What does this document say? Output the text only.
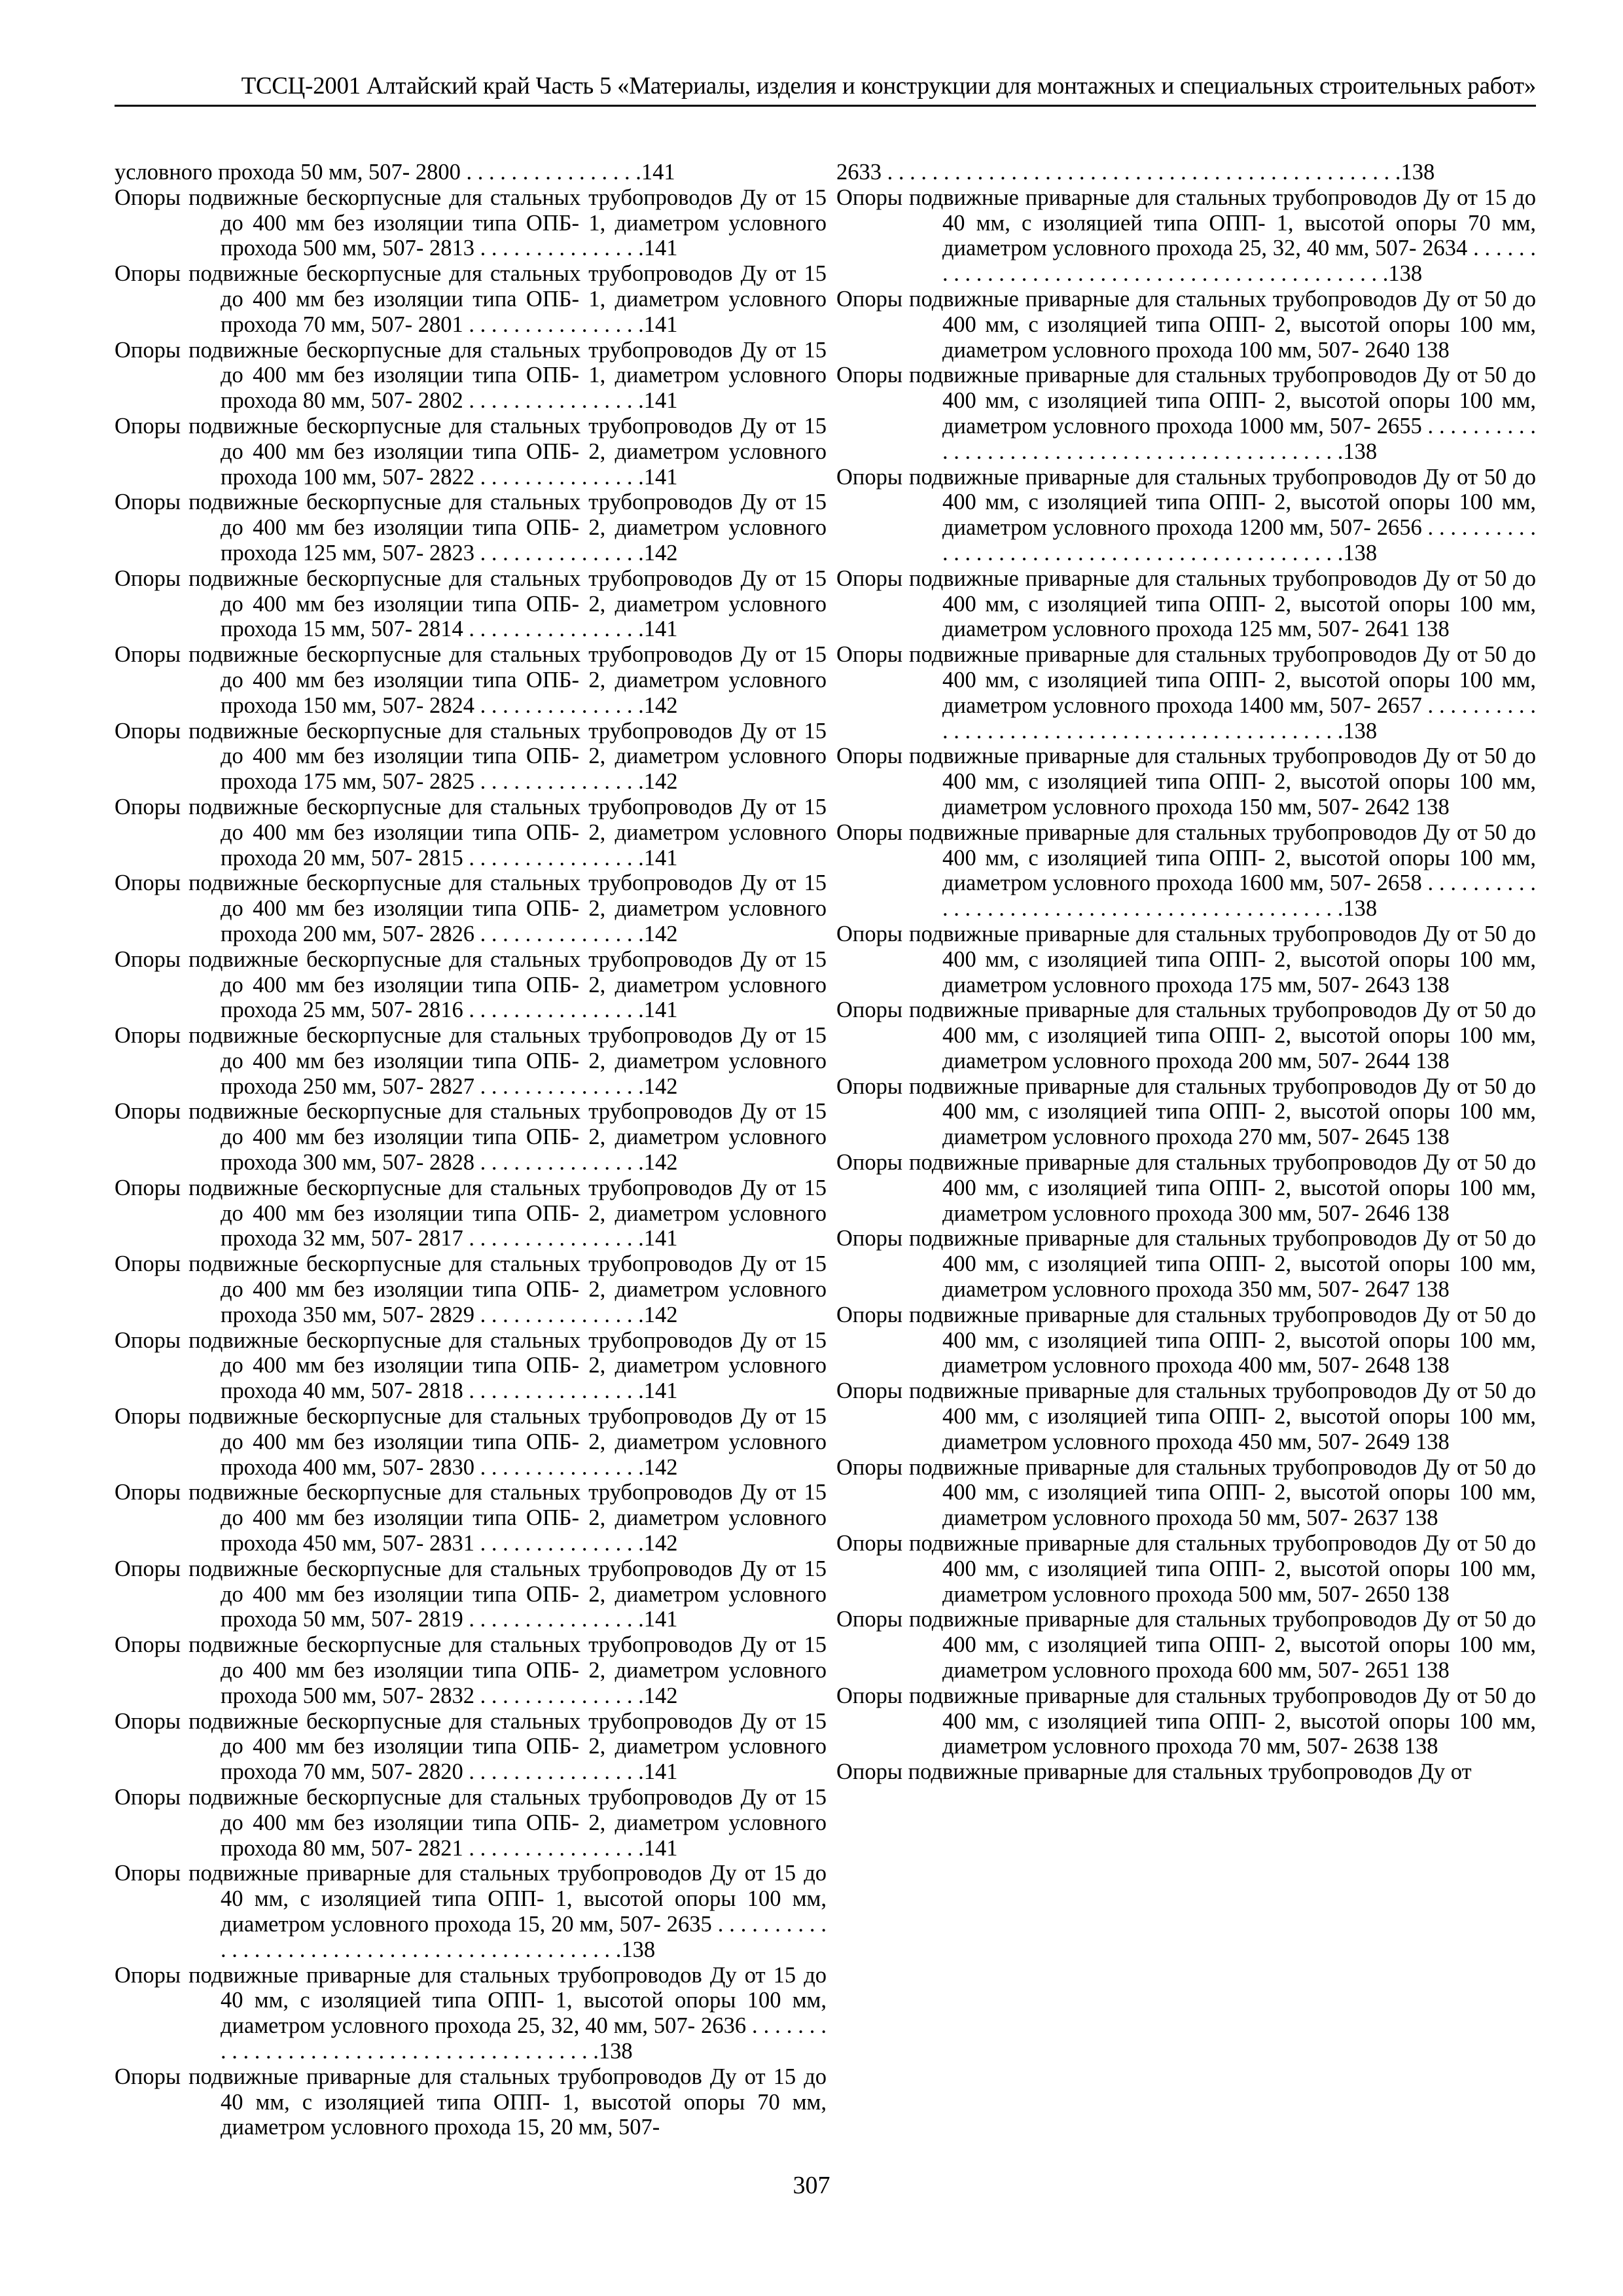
ТССЦ-2001 Алтайский край Часть 5 «Материалы, изделия и конструкции для монтажных и специальных строительных работ»
условного прохода 50 мм, 507- 2800 . . . . . . . . . . . . . . . .141
Опоры подвижные бескорпусные для стальных трубопроводов Ду от 15 до 400 мм без изоляции типа ОПБ- 1, диаметром условного прохода 500 мм, 507- 2813 . . . . . . . . . . . . . . .141
Опоры подвижные бескорпусные для стальных трубопроводов Ду от 15 до 400 мм без изоляции типа ОПБ- 1, диаметром условного прохода 70 мм, 507- 2801 . . . . . . . . . . . . . . . .141
Опоры подвижные бескорпусные для стальных трубопроводов Ду от 15 до 400 мм без изоляции типа ОПБ- 1, диаметром условного прохода 80 мм, 507- 2802 . . . . . . . . . . . . . . . .141
Опоры подвижные бескорпусные для стальных трубопроводов Ду от 15 до 400 мм без изоляции типа ОПБ- 2, диаметром условного прохода 100 мм, 507- 2822 . . . . . . . . . . . . . . .141
Опоры подвижные бескорпусные для стальных трубопроводов Ду от 15 до 400 мм без изоляции типа ОПБ- 2, диаметром условного прохода 125 мм, 507- 2823 . . . . . . . . . . . . . . .142
Опоры подвижные бескорпусные для стальных трубопроводов Ду от 15 до 400 мм без изоляции типа ОПБ- 2, диаметром условного прохода 15 мм, 507- 2814 . . . . . . . . . . . . . . . .141
Опоры подвижные бескорпусные для стальных трубопроводов Ду от 15 до 400 мм без изоляции типа ОПБ- 2, диаметром условного прохода 150 мм, 507- 2824 . . . . . . . . . . . . . . .142
Опоры подвижные бескорпусные для стальных трубопроводов Ду от 15 до 400 мм без изоляции типа ОПБ- 2, диаметром условного прохода 175 мм, 507- 2825 . . . . . . . . . . . . . . .142
Опоры подвижные бескорпусные для стальных трубопроводов Ду от 15 до 400 мм без изоляции типа ОПБ- 2, диаметром условного прохода 20 мм, 507- 2815 . . . . . . . . . . . . . . . .141
Опоры подвижные бескорпусные для стальных трубопроводов Ду от 15 до 400 мм без изоляции типа ОПБ- 2, диаметром условного прохода 200 мм, 507- 2826 . . . . . . . . . . . . . . .142
Опоры подвижные бескорпусные для стальных трубопроводов Ду от 15 до 400 мм без изоляции типа ОПБ- 2, диаметром условного прохода 25 мм, 507- 2816 . . . . . . . . . . . . . . . .141
Опоры подвижные бескорпусные для стальных трубопроводов Ду от 15 до 400 мм без изоляции типа ОПБ- 2, диаметром условного прохода 250 мм, 507- 2827 . . . . . . . . . . . . . . .142
Опоры подвижные бескорпусные для стальных трубопроводов Ду от 15 до 400 мм без изоляции типа ОПБ- 2, диаметром условного прохода 300 мм, 507- 2828 . . . . . . . . . . . . . . .142
Опоры подвижные бескорпусные для стальных трубопроводов Ду от 15 до 400 мм без изоляции типа ОПБ- 2, диаметром условного прохода 32 мм, 507- 2817 . . . . . . . . . . . . . . . .141
Опоры подвижные бескорпусные для стальных трубопроводов Ду от 15 до 400 мм без изоляции типа ОПБ- 2, диаметром условного прохода 350 мм, 507- 2829 . . . . . . . . . . . . . . .142
Опоры подвижные бескорпусные для стальных трубопроводов Ду от 15 до 400 мм без изоляции типа ОПБ- 2, диаметром условного прохода 40 мм, 507- 2818 . . . . . . . . . . . . . . . .141
Опоры подвижные бескорпусные для стальных трубопроводов Ду от 15 до 400 мм без изоляции типа ОПБ- 2, диаметром условного прохода 400 мм, 507- 2830 . . . . . . . . . . . . . . .142
Опоры подвижные бескорпусные для стальных трубопроводов Ду от 15 до 400 мм без изоляции типа ОПБ- 2, диаметром условного прохода 450 мм, 507- 2831 . . . . . . . . . . . . . . .142
Опоры подвижные бескорпусные для стальных трубопроводов Ду от 15 до 400 мм без изоляции типа ОПБ- 2, диаметром условного прохода 50 мм, 507- 2819 . . . . . . . . . . . . . . . .141
Опоры подвижные бескорпусные для стальных трубопроводов Ду от 15 до 400 мм без изоляции типа ОПБ- 2, диаметром условного прохода 500 мм, 507- 2832 . . . . . . . . . . . . . . .142
Опоры подвижные бескорпусные для стальных трубопроводов Ду от 15 до 400 мм без изоляции типа ОПБ- 2, диаметром условного прохода 70 мм, 507- 2820 . . . . . . . . . . . . . . . .141
Опоры подвижные бескорпусные для стальных трубопроводов Ду от 15 до 400 мм без изоляции типа ОПБ- 2, диаметром условного прохода 80 мм, 507- 2821 . . . . . . . . . . . . . . . .141
Опоры подвижные приварные для стальных трубопроводов Ду от 15 до 40 мм, с изоляцией типа ОПП- 1, высотой опоры 100 мм, диаметром условного прохода 15, 20 мм, 507- 2635 . . . . . . . . . . . . . . . . . . . . . . . . . . . . . . . . . . . . . . . . . . . . . .138
Опоры подвижные приварные для стальных трубопроводов Ду от 15 до 40 мм, с изоляцией типа ОПП- 1, высотой опоры 100 мм, диаметром условного прохода 25, 32, 40 мм, 507- 2636 . . . . . . . . . . . . . . . . . . . . . . . . . . . . . . . . . . . . . . . . .138
Опоры подвижные приварные для стальных трубопроводов Ду от 15 до 40 мм, с изоляцией типа ОПП- 1, высотой опоры 70 мм, диаметром условного прохода 15, 20 мм, 507-
2633 . . . . . . . . . . . . . . . . . . . . . . . . . . . . . . . . . . . . . . . . . . . . . .138
Опоры подвижные приварные для стальных трубопроводов Ду от 15 до 40 мм, с изоляцией типа ОПП- 1, высотой опоры 70 мм, диаметром условного прохода 25, 32, 40 мм, 507- 2634 . . . . . . . . . . . . . . . . . . . . . . . . . . . . . . . . . . . . . . . . . . . . . .138
Опоры подвижные приварные для стальных трубопроводов Ду от 50 до 400 мм, с изоляцией типа ОПП- 2, высотой опоры 100 мм, диаметром условного прохода 100 мм, 507- 2640 138
Опоры подвижные приварные для стальных трубопроводов Ду от 50 до 400 мм, с изоляцией типа ОПП- 2, высотой опоры 100 мм, диаметром условного прохода 1000 мм, 507- 2655 . . . . . . . . . . . . . . . . . . . . . . . . . . . . . . . . . . . . . . . . . . . . . .138
Опоры подвижные приварные для стальных трубопроводов Ду от 50 до 400 мм, с изоляцией типа ОПП- 2, высотой опоры 100 мм, диаметром условного прохода 1200 мм, 507- 2656 . . . . . . . . . . . . . . . . . . . . . . . . . . . . . . . . . . . . . . . . . . . . . .138
Опоры подвижные приварные для стальных трубопроводов Ду от 50 до 400 мм, с изоляцией типа ОПП- 2, высотой опоры 100 мм, диаметром условного прохода 125 мм, 507- 2641 138
Опоры подвижные приварные для стальных трубопроводов Ду от 50 до 400 мм, с изоляцией типа ОПП- 2, высотой опоры 100 мм, диаметром условного прохода 1400 мм, 507- 2657 . . . . . . . . . . . . . . . . . . . . . . . . . . . . . . . . . . . . . . . . . . . . . .138
Опоры подвижные приварные для стальных трубопроводов Ду от 50 до 400 мм, с изоляцией типа ОПП- 2, высотой опоры 100 мм, диаметром условного прохода 150 мм, 507- 2642 138
Опоры подвижные приварные для стальных трубопроводов Ду от 50 до 400 мм, с изоляцией типа ОПП- 2, высотой опоры 100 мм, диаметром условного прохода 1600 мм, 507- 2658 . . . . . . . . . . . . . . . . . . . . . . . . . . . . . . . . . . . . . . . . . . . . . .138
Опоры подвижные приварные для стальных трубопроводов Ду от 50 до 400 мм, с изоляцией типа ОПП- 2, высотой опоры 100 мм, диаметром условного прохода 175 мм, 507- 2643 138
Опоры подвижные приварные для стальных трубопроводов Ду от 50 до 400 мм, с изоляцией типа ОПП- 2, высотой опоры 100 мм, диаметром условного прохода 200 мм, 507- 2644 138
Опоры подвижные приварные для стальных трубопроводов Ду от 50 до 400 мм, с изоляцией типа ОПП- 2, высотой опоры 100 мм, диаметром условного прохода 270 мм, 507- 2645 138
Опоры подвижные приварные для стальных трубопроводов Ду от 50 до 400 мм, с изоляцией типа ОПП- 2, высотой опоры 100 мм, диаметром условного прохода 300 мм, 507- 2646 138
Опоры подвижные приварные для стальных трубопроводов Ду от 50 до 400 мм, с изоляцией типа ОПП- 2, высотой опоры 100 мм, диаметром условного прохода 350 мм, 507- 2647 138
Опоры подвижные приварные для стальных трубопроводов Ду от 50 до 400 мм, с изоляцией типа ОПП- 2, высотой опоры 100 мм, диаметром условного прохода 400 мм, 507- 2648 138
Опоры подвижные приварные для стальных трубопроводов Ду от 50 до 400 мм, с изоляцией типа ОПП- 2, высотой опоры 100 мм, диаметром условного прохода 450 мм, 507- 2649 138
Опоры подвижные приварные для стальных трубопроводов Ду от 50 до 400 мм, с изоляцией типа ОПП- 2, высотой опоры 100 мм, диаметром условного прохода 50 мм, 507- 2637 138
Опоры подвижные приварные для стальных трубопроводов Ду от 50 до 400 мм, с изоляцией типа ОПП- 2, высотой опоры 100 мм, диаметром условного прохода 500 мм, 507- 2650 138
Опоры подвижные приварные для стальных трубопроводов Ду от 50 до 400 мм, с изоляцией типа ОПП- 2, высотой опоры 100 мм, диаметром условного прохода 600 мм, 507- 2651 138
Опоры подвижные приварные для стальных трубопроводов Ду от 50 до 400 мм, с изоляцией типа ОПП- 2, высотой опоры 100 мм, диаметром условного прохода 70 мм, 507- 2638 138
Опоры подвижные приварные для стальных трубопроводов Ду от
307
